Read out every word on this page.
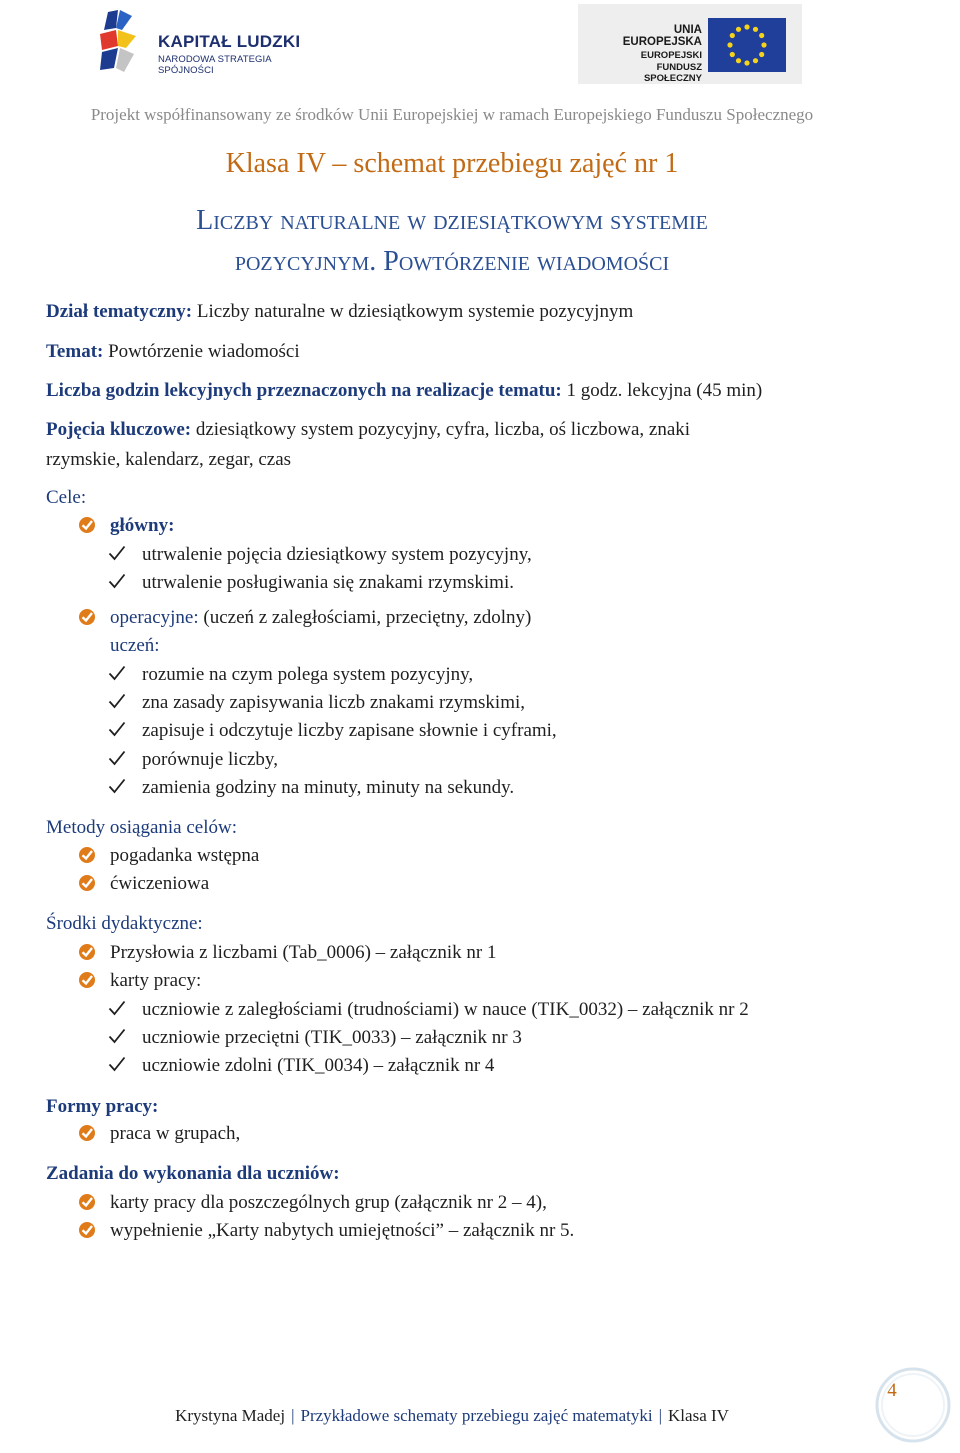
KAPITAŁ LUDZKI
NARODOWA STRATEGIA SPÓJNOŚCI
UNIA EUROPEJSKA
EUROPEJSKI
FUNDUSZ SPOŁECZNY
Projekt współfinansowany ze środków Unii Europejskiej w ramach Europejskiego Funduszu Społecznego
Klasa IV – schemat przebiegu zajęć nr 1
Liczby naturalne w dziesiątkowym systemie
pozycyjnym. Powtórzenie wiadomości
Dział tematyczny: Liczby naturalne w dziesiątkowym systemie pozycyjnym
Temat: Powtórzenie wiadomości
Liczba godzin lekcyjnych przeznaczonych na realizacje tematu: 1 godz. lekcyjna (45 min)
Pojęcia kluczowe: dziesiątkowy system pozycyjny, cyfra, liczba, oś liczbowa, znaki
rzymskie, kalendarz, zegar, czas
Cele:
główny:
utrwalenie pojęcia dziesiątkowy system pozycyjny,
utrwalenie posługiwania się znakami rzymskimi.
operacyjne: (uczeń z zaległościami, przeciętny, zdolny)
uczeń:
rozumie na czym polega system pozycyjny,
zna zasady zapisywania liczb znakami rzymskimi,
zapisuje i odczytuje liczby zapisane słownie i cyframi,
porównuje liczby,
zamienia godziny na minuty, minuty na sekundy.
Metody osiągania celów:
pogadanka wstępna
ćwiczeniowa
Środki dydaktyczne:
Przysłowia z liczbami (Tab_0006) – załącznik nr 1
karty pracy:
uczniowie z zaległościami (trudnościami) w nauce (TIK_0032) – załącznik nr 2
uczniowie przeciętni (TIK_0033) – załącznik nr 3
uczniowie zdolni (TIK_0034) – załącznik nr 4
Formy pracy:
praca w grupach,
Zadania do wykonania dla uczniów:
karty pracy dla poszczególnych grup (załącznik nr 2 – 4),
wypełnienie „Karty nabytych umiejętności” – załącznik nr 5.
Krystyna Madej | Przykładowe schematy przebiegu zajęć matematyki | Klasa IV
4
